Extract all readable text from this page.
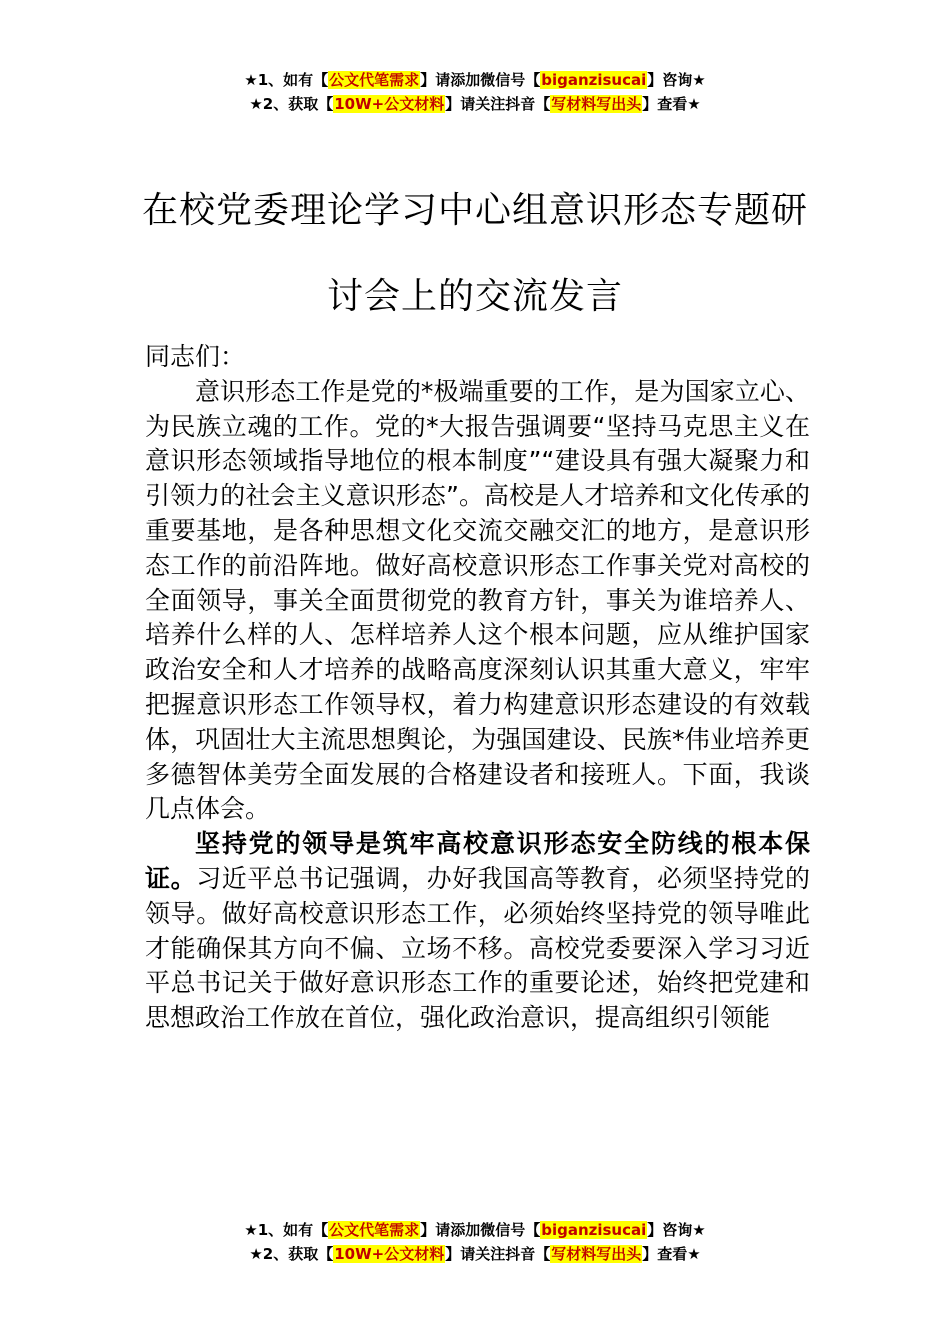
★1、如有【公文代笔需求】请添加微信号【biganzisucai】咨询★
★2、获取【10W+公文材料】请关注抖音【写材料写出头】查看★
在校党委理论学习中心组意识形态专题研
讨会上的交流发言

同志们：

意识形态工作是党的*极端重要的工作，是为国家立心、为民族立魂的工作。党的*大报告强调要“坚持马克思主义在意识形态领域指导地位的根本制度”“建设具有强大凝聚力和引领力的社会主义意识形态”。高校是人才培养和文化传承的重要基地，是各种思想文化交流交融交汇的地方，是意识形态工作的前沿阵地。做好高校意识形态工作事关党对高校的全面领导，事关全面贯彻党的教育方针，事关为谁培养人、培养什么样的人、怎样培养人这个根本问题，应从维护国家政治安全和人才培养的战略高度深刻认识其重大意义，牢牢把握意识形态工作领导权，着力构建意识形态建设的有效载体，巩固壮大主流思想舆论，为强国建设、民族*伟业培养更多德智体美劳全面发展的合格建设者和接班人。下面，我谈几点体会。

坚持党的领导是筑牢高校意识形态安全防线的根本保证。习近平总书记强调，办好我国高等教育，必须坚持党的领导。做好高校意识形态工作，必须始终坚持党的领导唯此才能确保其方向不偏、立场不移。高校党委要深入学习习近平总书记关于做好意识形态工作的重要论述，始终把党建和思想政治工作放在首位，强化政治意识，提高组织引领能

★1、如有【公文代笔需求】请添加微信号【biganzisucai】咨询★
★2、获取【10W+公文材料】请关注抖音【写材料写出头】查看★
